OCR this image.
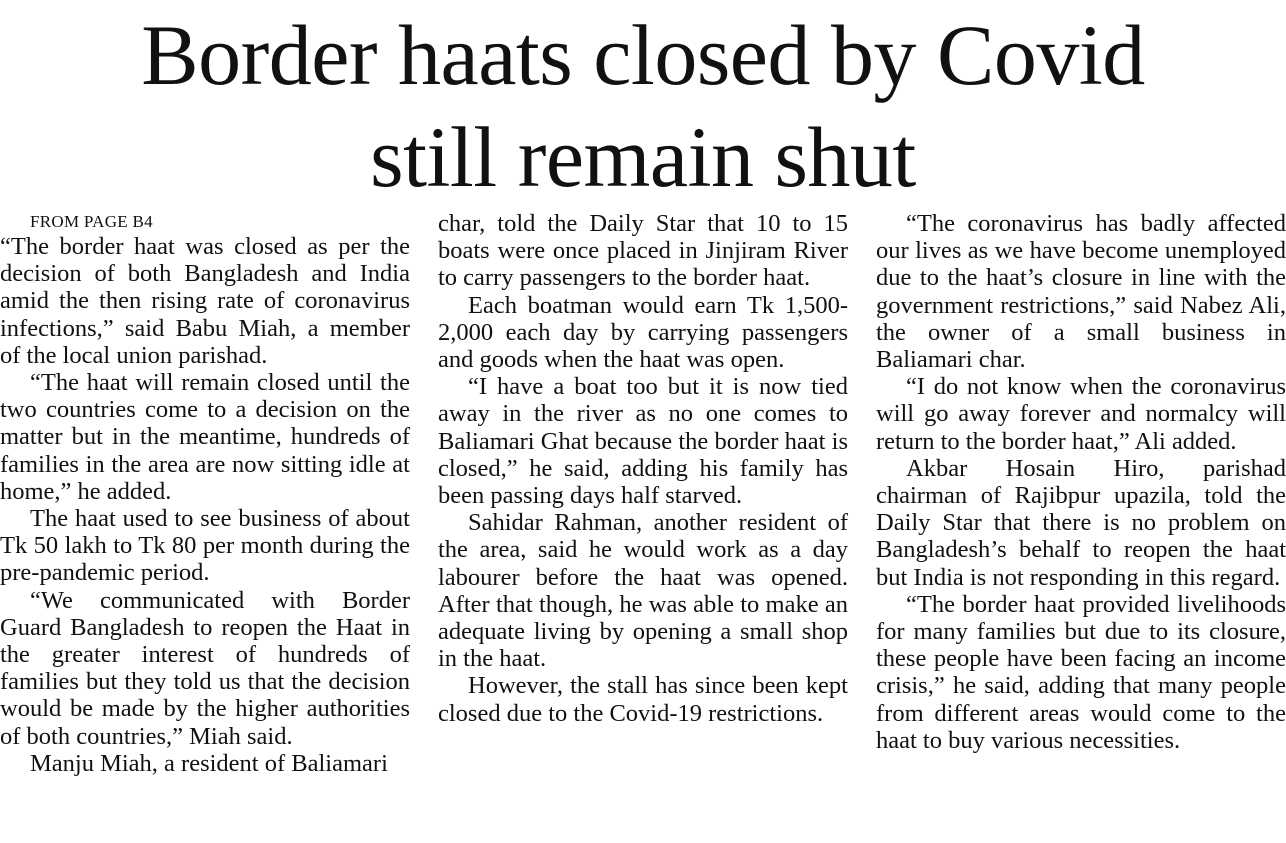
Border haats closed by Covid
still remain shut

FROM PAGE B4

“The border haat was closed as per the decision of both Bangladesh and India amid the then rising rate of coronavirus infections,” said Babu Miah, a member of the local union parishad.

“The haat will remain closed until the two countries come to a decision on the matter but in the meantime, hundreds of families in the area are now sitting idle at home,” he added.

The haat used to see business of about Tk 50 lakh to Tk 80 per month during the pre-pandemic period.

“We communicated with Border Guard Bangladesh to reopen the Haat in the greater interest of hundreds of families but they told us that the decision would be made by the higher authorities of both countries,” Miah said.

Manju Miah, a resident of Baliamari

char, told the Daily Star that 10 to 15 boats were once placed in Jinjiram River to carry passengers to the border haat.

Each boatman would earn Tk 1,500-2,000 each day by carrying passengers and goods when the haat was open.

“I have a boat too but it is now tied away in the river as no one comes to Baliamari Ghat because the border haat is closed,” he said, adding his family has been passing days half starved.

Sahidar Rahman, another resident of the area, said he would work as a day labourer before the haat was opened. After that though, he was able to make an adequate living by opening a small shop in the haat.

However, the stall has since been kept closed due to the Covid-19 restrictions.

“The coronavirus has badly affected our lives as we have become unemployed due to the haat’s closure in line with the government restrictions,” said Nabez Ali, the owner of a small business in Baliamari char.

“I do not know when the coronavirus will go away forever and normalcy will return to the border haat,” Ali added.

Akbar Hosain Hiro, parishad chairman of Rajibpur upazila, told the Daily Star that there is no problem on Bangladesh’s behalf to reopen the haat but India is not responding in this regard.

“The border haat provided livelihoods for many families but due to its closure, these people have been facing an income crisis,” he said, adding that many people from different areas would come to the haat to buy various necessities.
